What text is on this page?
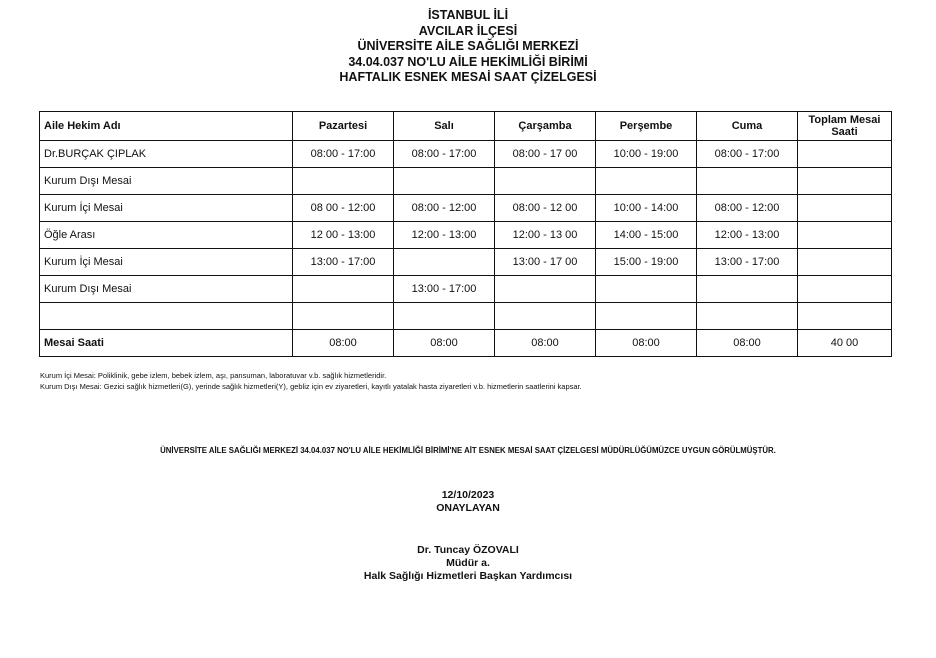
İSTANBUL İLİ
AVCILAR İLÇESİ
ÜNİVERSİTE AİLE SAĞLIĞI MERKEZİ
34.04.037 NO'LU AİLE HEKİMLİĞİ BİRİMİ
HAFTALIK ESNEK MESAİ SAAT ÇİZELGESİ
Aile Hekim Adı	Pazartesi	Salı	Çarşamba	Perşembe	Cuma	Toplam Mesai Saati
Dr.BURÇAK ÇIPLAK	08:00 - 17:00	08:00 - 17:00	08:00 - 17 00	10:00 - 19:00	08:00 - 17:00	
Kurum Dışı Mesai						
Kurum İçi Mesai	08 00 - 12:00	08:00 - 12:00	08:00 - 12 00	10:00 - 14:00	08:00 - 12:00	
Öğle Arası	12 00 - 13:00	12:00 - 13:00	12:00 - 13 00	14:00 - 15:00	12:00 - 13:00	
Kurum İçi Mesai	13:00 - 17:00		13:00 - 17 00	15:00 - 19:00	13:00 - 17:00	
Kurum Dışı Mesai		13:00 - 17:00				

Mesai Saati	08:00	08:00	08:00	08:00	08:00	40 00
Kurum İçi Mesai: Poliklinik, gebe izlem, bebek izlem, aşı, pansuman, laboratuvar v.b. sağlık hizmetleridir.
Kurum Dışı Mesai: Gezici sağlık hizmetleri(G), yerinde sağlık hizmetleri(Y), gebliz için ev ziyaretleri, kayıtlı yatalak hasta ziyaretleri v.b. hizmetlerin saatlerini kapsar.
ÜNİVERSİTE AİLE SAĞLIĞI MERKEZİ 34.04.037 NO'LU AİLE HEKİMLİĞİ BİRİMİ'NE AİT ESNEK MESAİ SAAT ÇİZELGESİ MÜDÜRLÜĞÜMÜZCE UYGUN GÖRÜLMÜŞTÜR.
12/10/2023
ONAYLAYAN
Dr. Tuncay ÖZOVALI
Müdür a.
Halk Sağlığı Hizmetleri Başkan Yardımcısı
